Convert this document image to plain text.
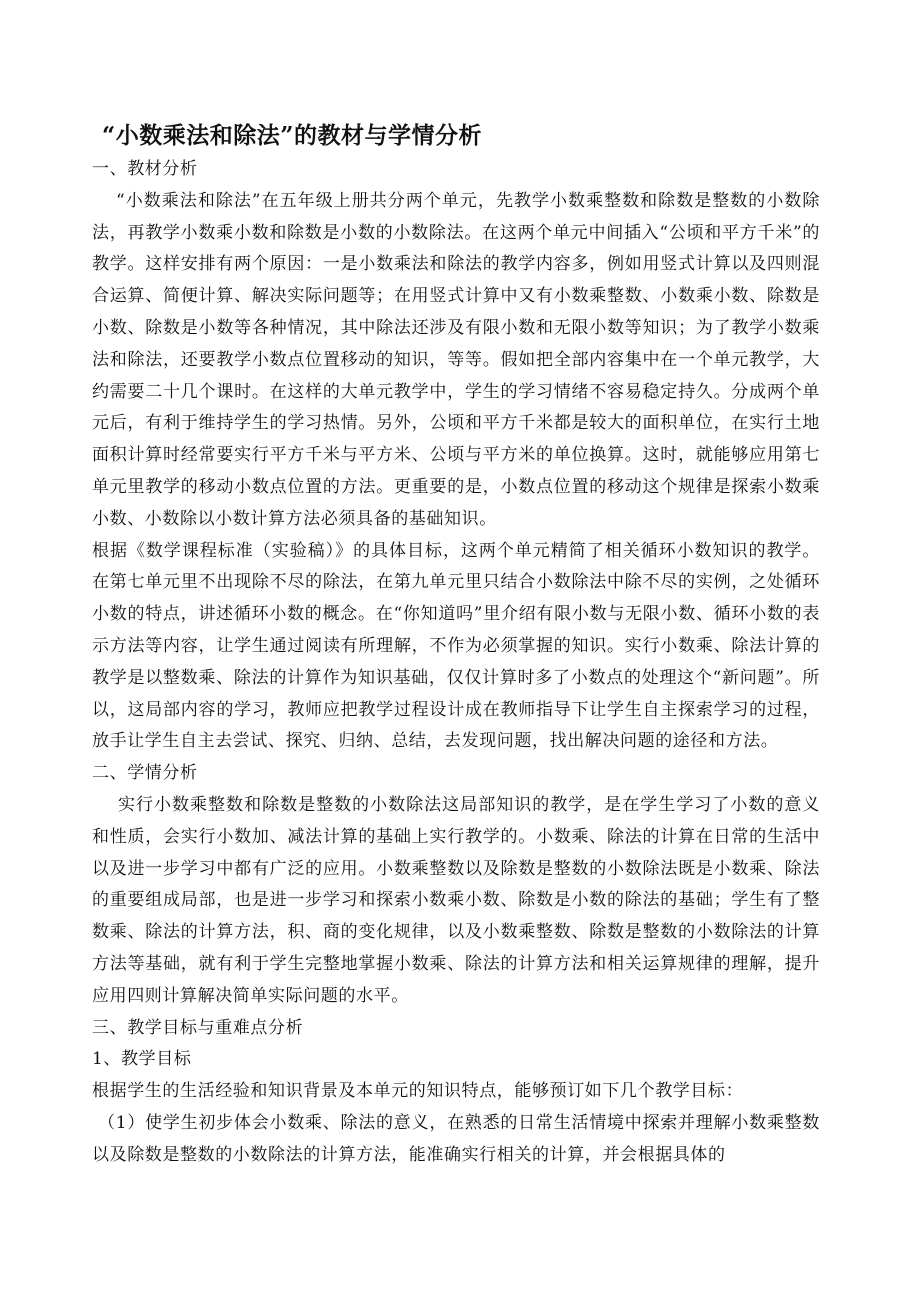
“小数乘法和除法”的教材与学情分析

一、教材分析

“小数乘法和除法”在五年级上册共分两个单元，先教学小数乘整数和除数是整数的小数除法，再教学小数乘小数和除数是小数的小数除法。在这两个单元中间插入“公顷和平方千米”的教学。这样安排有两个原因：一是小数乘法和除法的教学内容多，例如用竖式计算以及四则混合运算、简便计算、解决实际问题等；在用竖式计算中又有小数乘整数、小数乘小数、除数是小数、除数是小数等各种情况，其中除法还涉及有限小数和无限小数等知识；为了教学小数乘法和除法，还要教学小数点位置移动的知识，等等。假如把全部内容集中在一个单元教学，大约需要二十几个课时。在这样的大单元教学中，学生的学习情绪不容易稳定持久。分成两个单元后，有利于维持学生的学习热情。另外，公顷和平方千米都是较大的面积单位，在实行土地面积计算时经常要实行平方千米与平方米、公顷与平方米的单位换算。这时，就能够应用第七单元里教学的移动小数点位置的方法。更重要的是，小数点位置的移动这个规律是探索小数乘小数、小数除以小数计算方法必须具备的基础知识。

根据《数学课程标准（实验稿）》的具体目标，这两个单元精简了相关循环小数知识的教学。在第七单元里不出现除不尽的除法，在第九单元里只结合小数除法中除不尽的实例，之处循环小数的特点，讲述循环小数的概念。在“你知道吗”里介绍有限小数与无限小数、循环小数的表示方法等内容，让学生通过阅读有所理解，不作为必须掌握的知识。实行小数乘、除法计算的教学是以整数乘、除法的计算作为知识基础，仅仅计算时多了小数点的处理这个“新问题”。所以，这局部内容的学习，教师应把教学过程设计成在教师指导下让学生自主探索学习的过程，放手让学生自主去尝试、探究、归纳、总结，去发现问题，找出解决问题的途径和方法。

二、学情分析

实行小数乘整数和除数是整数的小数除法这局部知识的教学，是在学生学习了小数的意义和性质，会实行小数加、减法计算的基础上实行教学的。小数乘、除法的计算在日常的生活中以及进一步学习中都有广泛的应用。小数乘整数以及除数是整数的小数除法既是小数乘、除法的重要组成局部，也是进一步学习和探索小数乘小数、除数是小数的除法的基础；学生有了整数乘、除法的计算方法，积、商的变化规律，以及小数乘整数、除数是整数的小数除法的计算方法等基础，就有利于学生完整地掌握小数乘、除法的计算方法和相关运算规律的理解，提升应用四则计算解决简单实际问题的水平。

三、教学目标与重难点分析

1、教学目标

根据学生的生活经验和知识背景及本单元的知识特点，能够预订如下几个教学目标：

（1）使学生初步体会小数乘、除法的意义，在熟悉的日常生活情境中探索并理解小数乘整数以及除数是整数的小数除法的计算方法，能准确实行相关的计算，并会根据具体的
